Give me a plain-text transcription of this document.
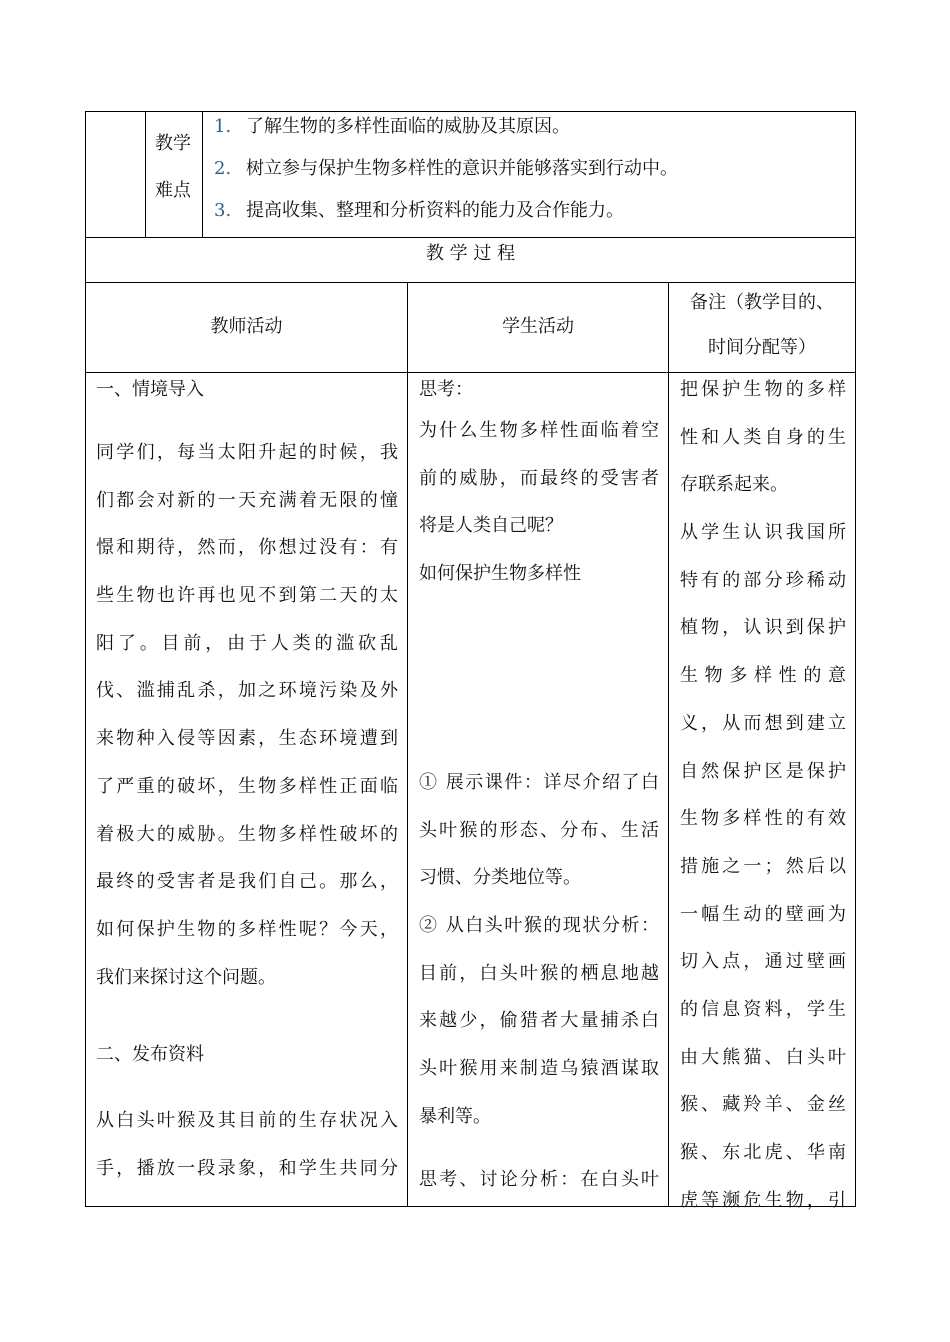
教学
难点
1. 了解生物的多样性面临的威胁及其原因。
2. 树立参与保护生物多样性的意识并能够落实到行动中。
3. 提高收集、整理和分析资料的能力及合作能力。
教 学 过 程
教师活动	学生活动
备注（教学目的、
时间分配等）
一、情境导入
同学们，每当太阳升起的时候，我
们都会对新的一天充满着无限的憧
憬和期待，然而，你想过没有：有
些生物也许再也见不到第二天的太
阳了。目前，由于人类的滥砍乱
伐、滥捕乱杀，加之环境污染及外
来物种入侵等因素，生态环境遭到
了严重的破坏，生物多样性正面临
着极大的威胁。生物多样性破坏的
最终的受害者是我们自己。那么，
如何保护生物的多样性呢？今天，
我们来探讨这个问题。
二、发布资料
从白头叶猴及其目前的生存状况入
手，播放一段录象，和学生共同分
思考：
为什么生物多样性面临着空
前的威胁，而最终的受害者
将是人类自己呢？
如何保护生物多样性
① 展示课件：详尽介绍了白
头叶猴的形态、分布、生活
习惯、分类地位等。
② 从白头叶猴的现状分析：
目前，白头叶猴的栖息地越
来越少，偷猎者大量捕杀白
头叶猴用来制造乌猿酒谋取
暴利等。
思考、讨论分析：在白头叶
把保护生物的多样
性和人类自身的生
存联系起来。
从学生认识我国所
特有的部分珍稀动
植物，认识到保护
生物多样性的意
义，从而想到建立
自然保护区是保护
生物多样性的有效
措施之一；然后以
一幅生动的壁画为
切入点，通过壁画
的信息资料，学生
由大熊猫、白头叶
猴、藏羚羊、金丝
猴、东北虎、华南
虎等濒危生物，引
